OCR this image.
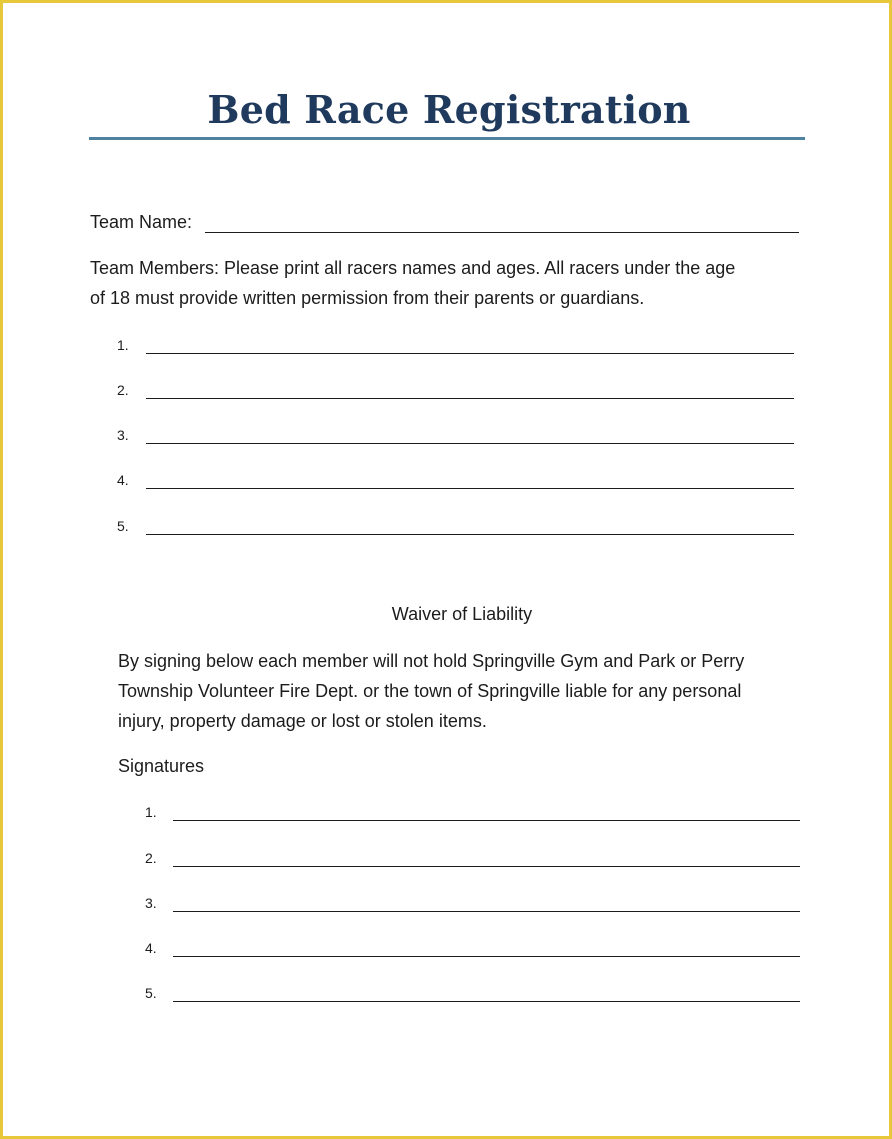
Bed Race Registration
Team Name:
Team Members: Please print all racers names and ages. All racers under the age
of 18 must provide written permission from their parents or guardians.
1.
2.
3.
4.
5.
Waiver of Liability
By signing below each member will not hold Springville Gym and Park or Perry
Township Volunteer Fire Dept. or the town of Springville liable for any personal
injury, property damage or lost or stolen items.
Signatures
1.
2.
3.
4.
5.
